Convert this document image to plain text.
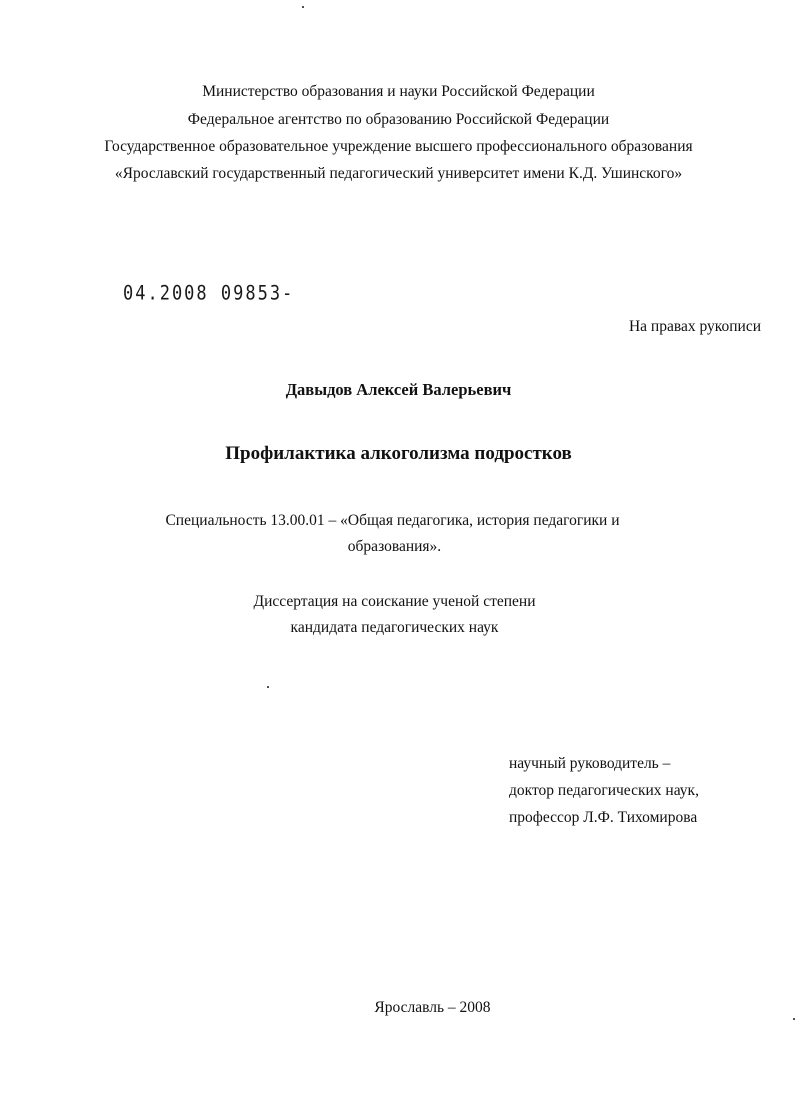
Министерство образования и науки Российской Федерации
Федеральное агентство по образованию Российской Федерации
Государственное образовательное учреждение высшего профессионального образования
«Ярославский государственный педагогический университет имени К.Д. Ушинского»
04.2008 09853-
На правах рукописи
Давыдов Алексей Валерьевич
Профилактика алкоголизма подростков
Специальность 13.00.01 – «Общая педагогика, история педагогики и
образования».
Диссертация на соискание ученой степени
кандидата педагогических наук
научный руководитель –
доктор педагогических наук,
профессор Л.Ф. Тихомирова
Ярославль – 2008
